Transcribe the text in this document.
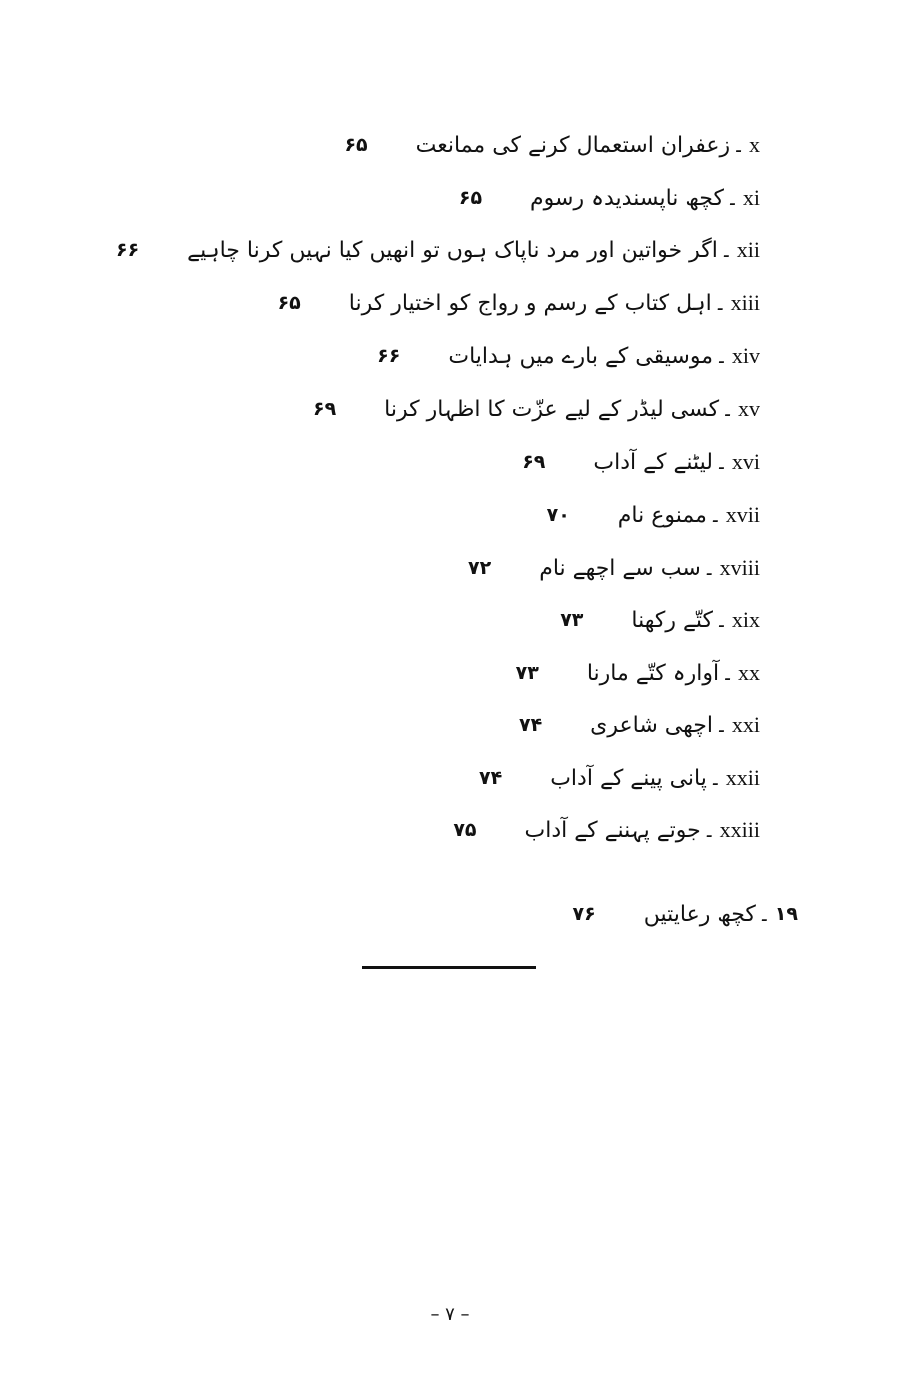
۶۵ زعفران استعمال کرنے کی ممانعت ۔ x
۶۵ کچھ ناپسندیدہ رسوم ۔ xi
۶۶ اگر خواتین اور مرد ناپاک ہوں تو انھیں کیا نہیں کرنا چاہیے ۔ xii
۶۵ اہل کتاب کے رسم و رواج کو اختیار کرنا ۔ xiii
۶۶ موسیقی کے بارے میں ہدایات ۔ xiv
۶۹ کسی لیڈر کے لیے عزّت کا اظہار کرنا ۔ xv
۶۹ لیٹنے کے آداب ۔ xvi
۷۰ ممنوع نام ۔ xvii
۷۲ سب سے اچھے نام ۔ xviii
۷۳ کتّے رکھنا ۔ xix
۷۳ آوارہ کتّے مارنا ۔ xx
۷۴ اچھی شاعری ۔ xxi
۷۴ پانی پینے کے آداب ۔ xxii
۷۵ جوتے پہننے کے آداب ۔ xxiii
۷۶ کچھ رعایتیں ۔ ۱۹
– ۷ –
